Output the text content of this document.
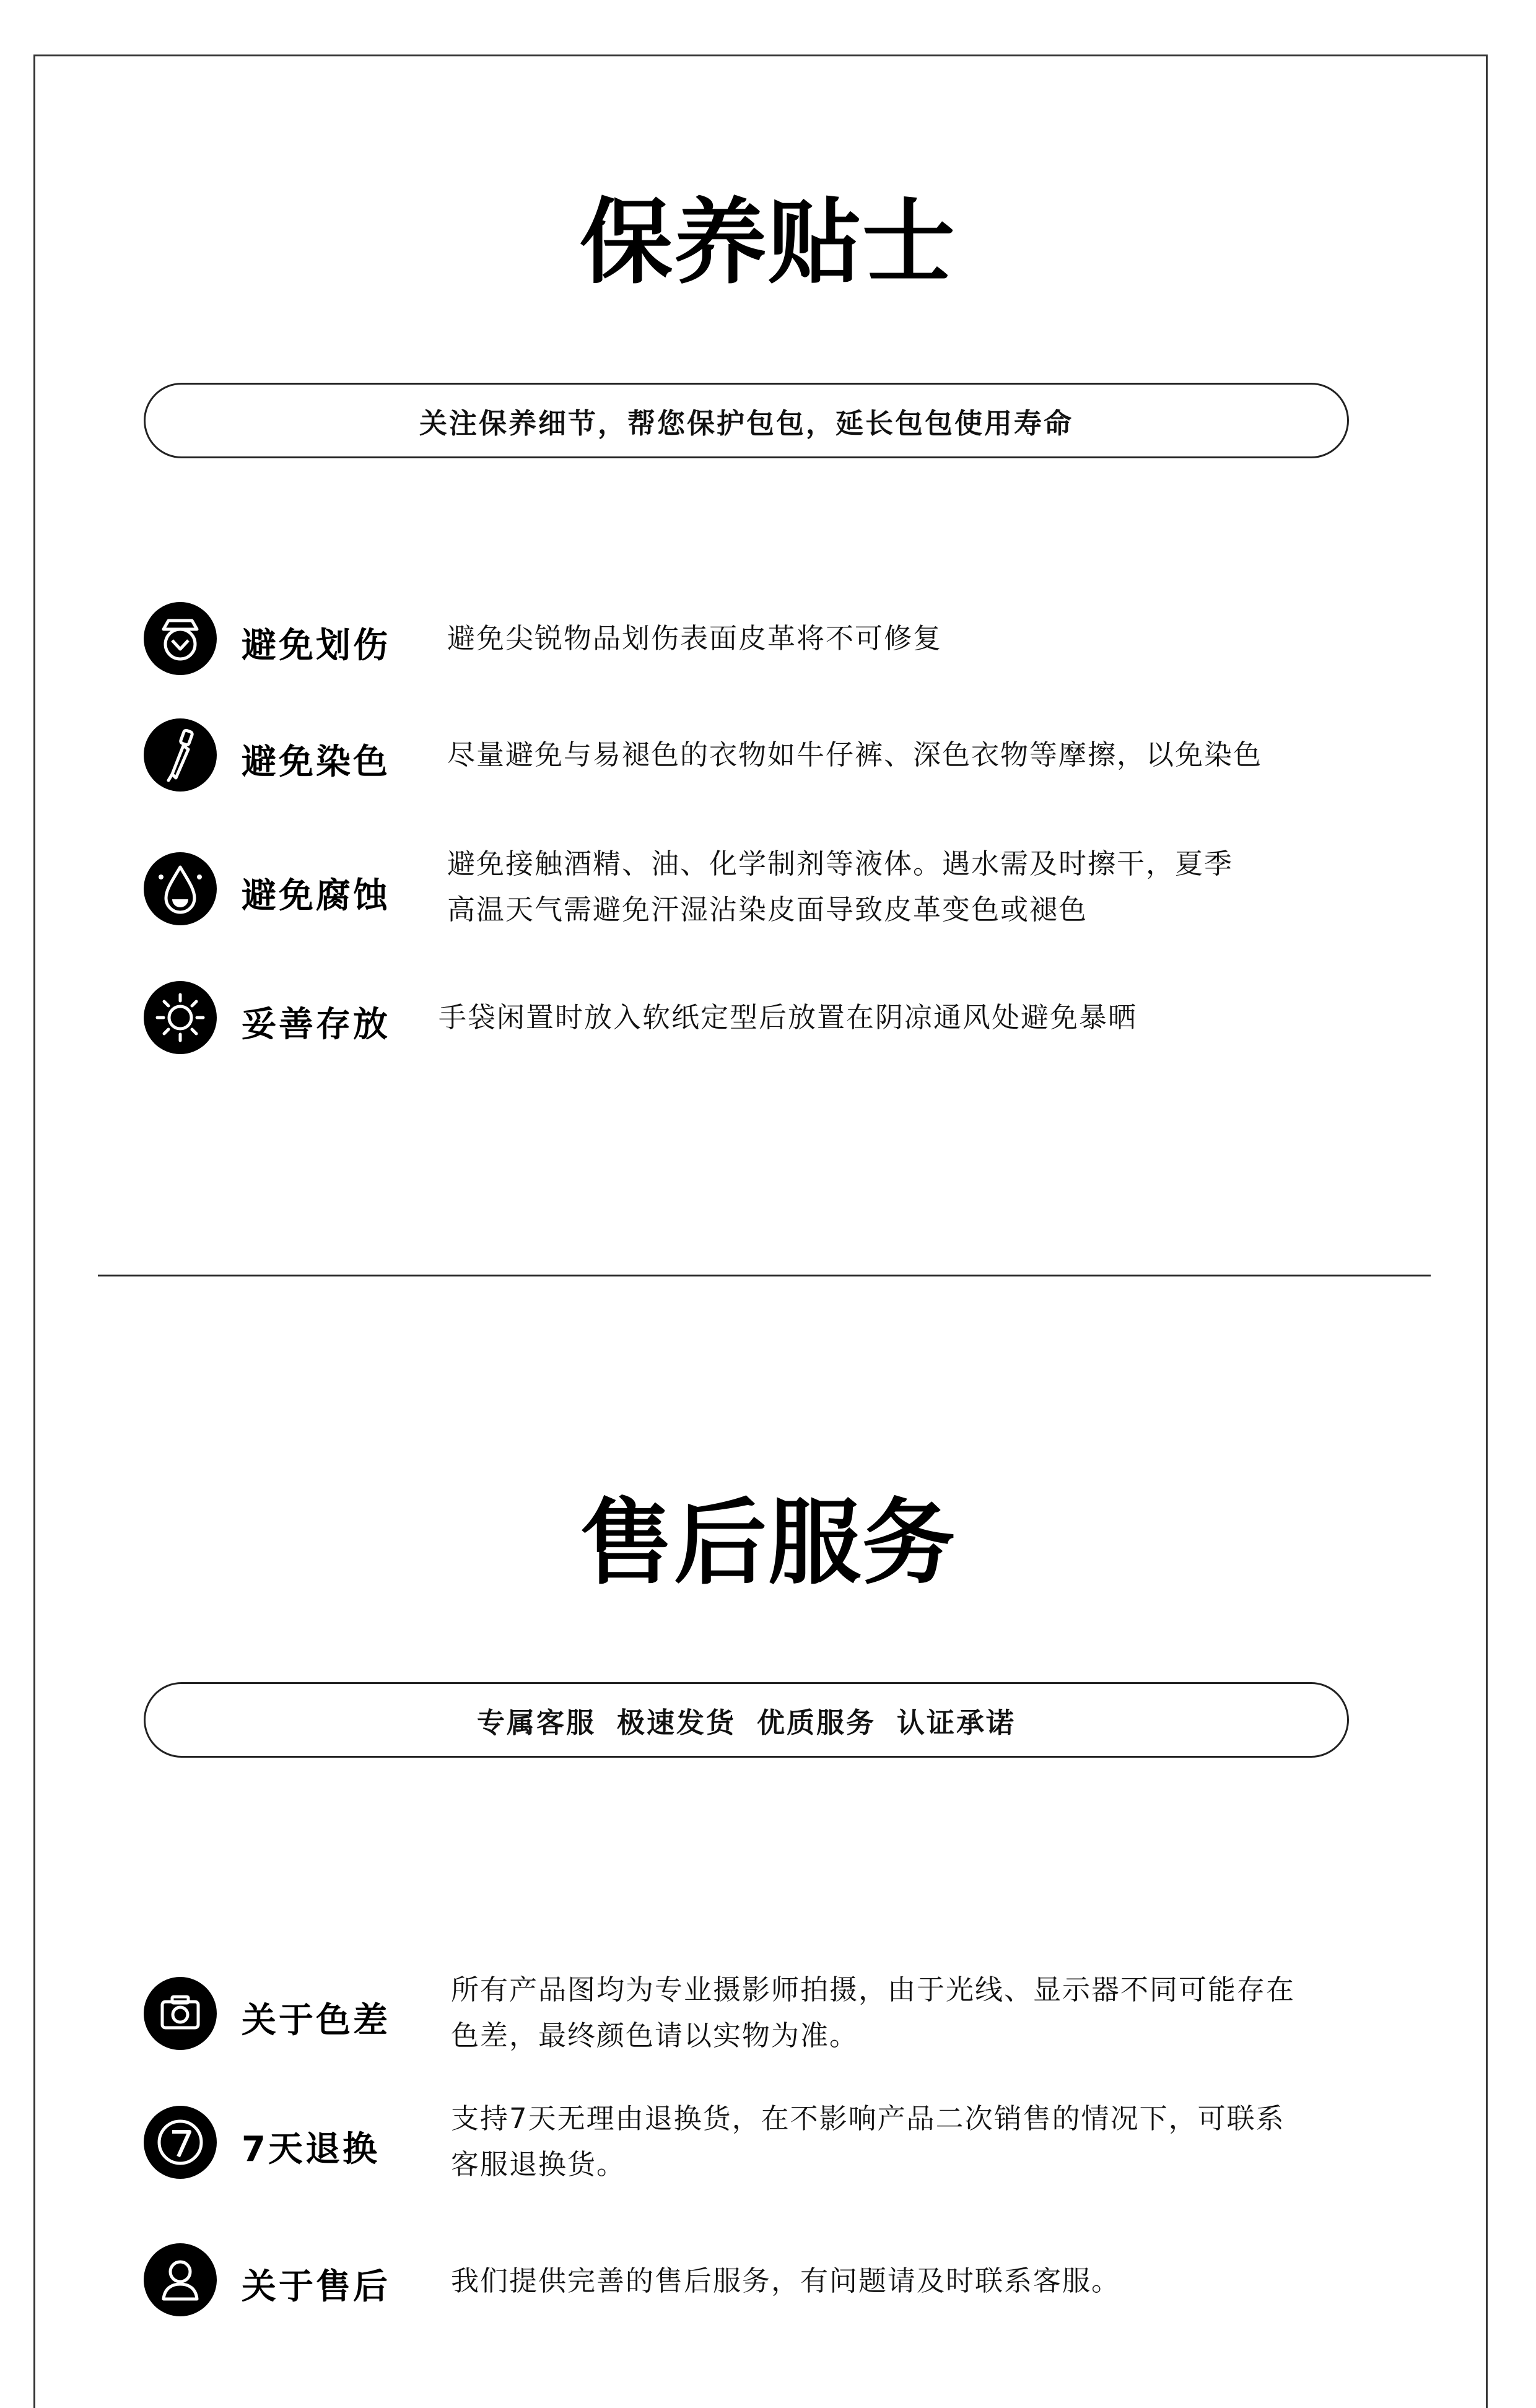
保养贴士
关注保养细节，帮您保护包包，延长包包使用寿命
避免划伤 避免尖锐物品划伤表面皮革将不可修复
避免染色 尽量避免与易褪色的衣物如牛仔裤、深色衣物等摩擦，以免染色
避免腐蚀
避免接触酒精、油、化学制剂等液体。遇水需及时擦干，夏季
高温天气需避免汗湿沾染皮面导致皮革变色或褪色
妥善存放 手袋闲置时放入软纸定型后放置在阴凉通风处避免暴晒
售后服务
专属客服 极速发货 优质服务 认证承诺
关于色差
所有产品图均为专业摄影师拍摄，由于光线、显示器不同可能存在
色差，最终颜色请以实物为准。
7天退换
支持7天无理由退换货，在不影响产品二次销售的情况下，可联系
客服退换货。
关于售后 我们提供完善的售后服务，有问题请及时联系客服。
